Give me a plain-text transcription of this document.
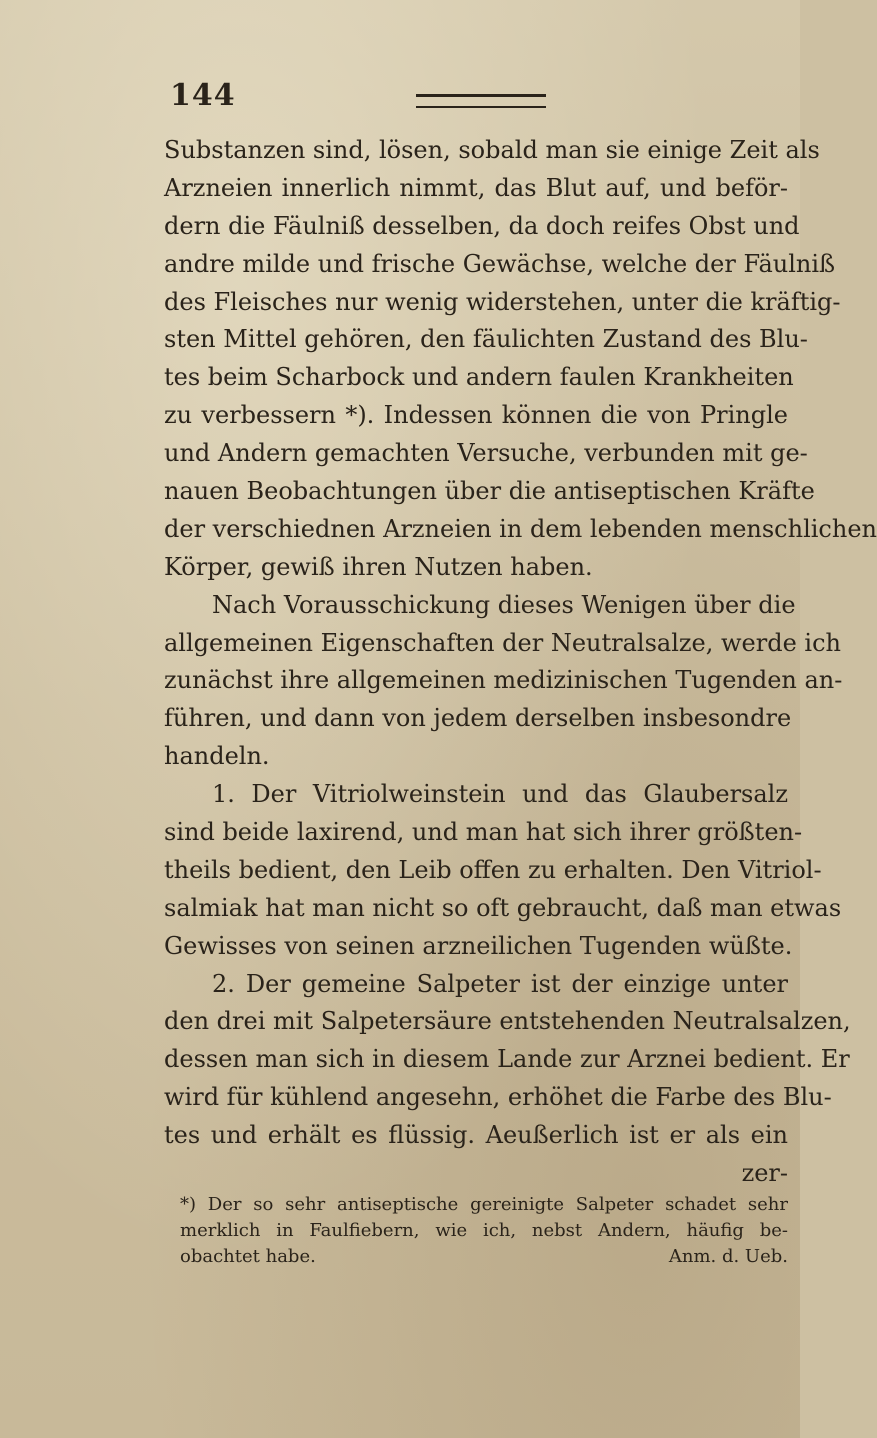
144
Substanzen sind, lösen, sobald man sie einige Zeit als
Arzneien innerlich nimmt, das Blut auf, und beför-
dern die Fäulniß desselben, da doch reifes Obst und
andre milde und frische Gewächse, welche der Fäulniß
des Fleisches nur wenig widerstehen, unter die kräftig-
sten Mittel gehören, den fäulichten Zustand des Blu-
tes beim Scharbock und andern faulen Krankheiten
zu verbessern *). Indessen können die von Pringle
und Andern gemachten Versuche, verbunden mit ge-
nauen Beobachtungen über die antiseptischen Kräfte
der verschiednen Arzneien in dem lebenden menschlichen
Körper, gewiß ihren Nutzen haben.
Nach Vorausschickung dieses Wenigen über die
allgemeinen Eigenschaften der Neutralsalze, werde ich
zunächst ihre allgemeinen medizinischen Tugenden an-
führen, und dann von jedem derselben insbesondre
handeln.
1. Der Vitriolweinstein und das Glaubersalz
sind beide laxirend, und man hat sich ihrer größten-
theils bedient, den Leib offen zu erhalten. Den Vitriol-
salmiak hat man nicht so oft gebraucht, daß man etwas
Gewisses von seinen arzneilichen Tugenden wüßte.
2. Der gemeine Salpeter ist der einzige unter
den drei mit Salpetersäure entstehenden Neutralsalzen,
dessen man sich in diesem Lande zur Arznei bedient. Er
wird für kühlend angesehn, erhöhet die Farbe des Blu-
tes und erhält es flüssig. Aeußerlich ist er als ein
zer-
*) Der so sehr antiseptische gereinigte Salpeter schadet sehr
merklich in Faulfiebern, wie ich, nebst Andern, häufig be-
obachtet habe.	Anm. d. Ueb.
